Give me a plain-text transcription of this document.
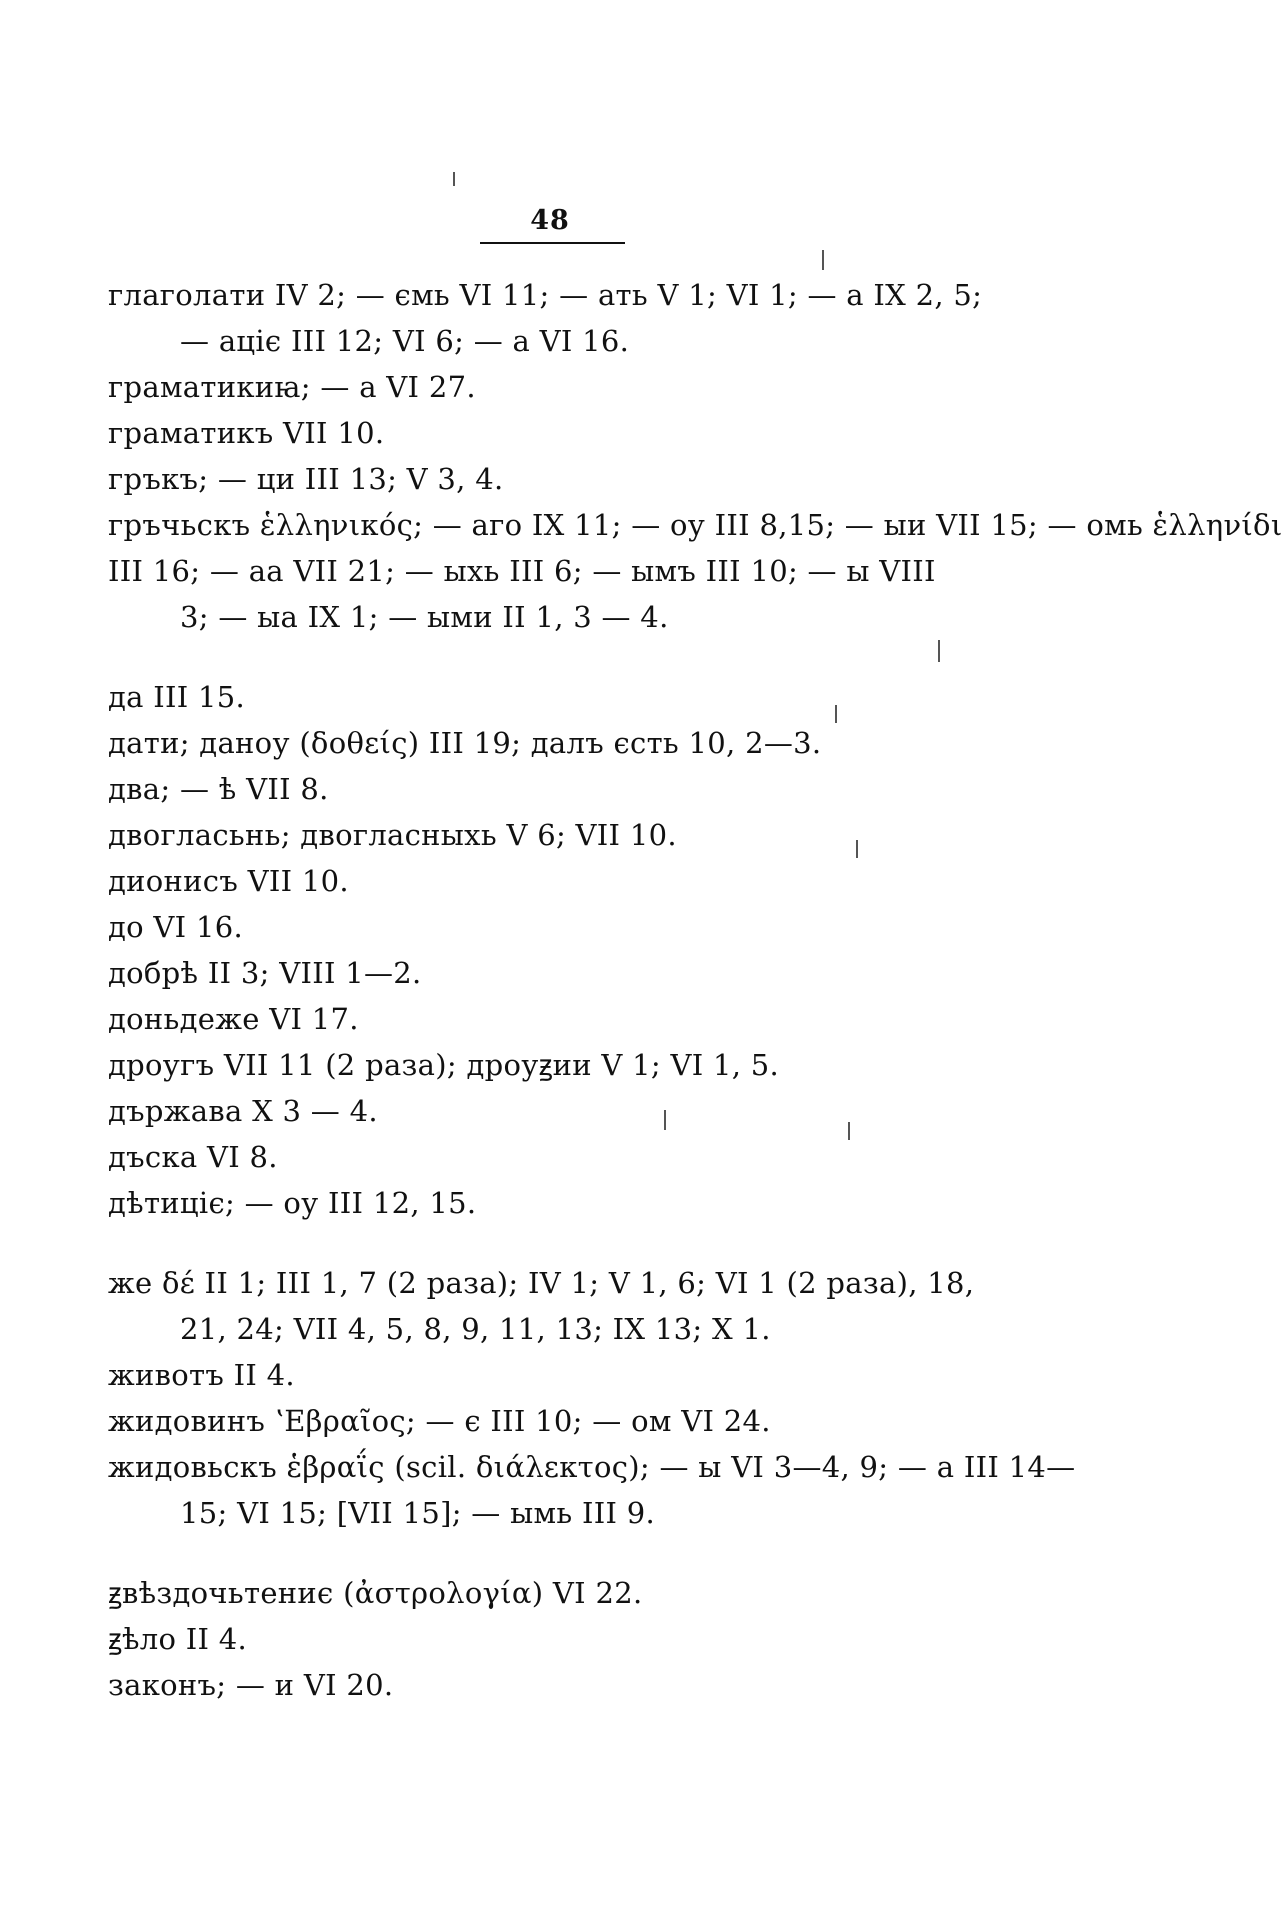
48
глаголати IV 2; — ємь VI 11; — ать V 1; VI 1; — а IX 2, 5;
— аціє III 12; VI 6; — а VI 16.
граматикиꙗ; — а VI 27.
граматикъ VII 10.
гръкъ; — ци III 13; V 3, 4.
гръчьскъ ἑλληνικός; — аго IX 11; — оу III 8,15; — ыи VII 15; — омь ἑλληνίδι
III 16; — аа VII 21; — ыхь III 6; — ымъ III 10; — ы VIII
3; — ыа IX 1; — ыми II 1, 3 — 4.
да III 15.
дати; даноу (δοθείς) III 19; далъ єсть 10, 2—3.
два; — ѣ VII 8.
двогласьнь; двогласныхь V 6; VII 10.
дионисъ VII 10.
до VI 16.
добрѣ II 3; VIII 1—2.
доньдеже VI 17.
дроугъ VII 11 (2 раза); дроуꙃии V 1; VI 1, 5.
държава X 3 — 4.
дъска VI 8.
дѣтиціє; — оу III 12, 15.
же δέ II 1; III 1, 7 (2 раза); IV 1; V 1, 6; VI 1 (2 раза), 18,
21, 24; VII 4, 5, 8, 9, 11, 13; IX 13; X 1.
животъ II 4.
жидовинъ ʽΕβραῖος; — є III 10; — ом VI 24.
жидовьскъ ἑβραΐς (scil. διάλεκτος); — ы VI 3—4, 9; — а III 14—
15; VI 15; [VII 15]; — ымь III 9.
ꙃвѣздочьтениє (ἀστρολογία) VI 22.
ꙃѣло II 4.
законъ; — и VI 20.
